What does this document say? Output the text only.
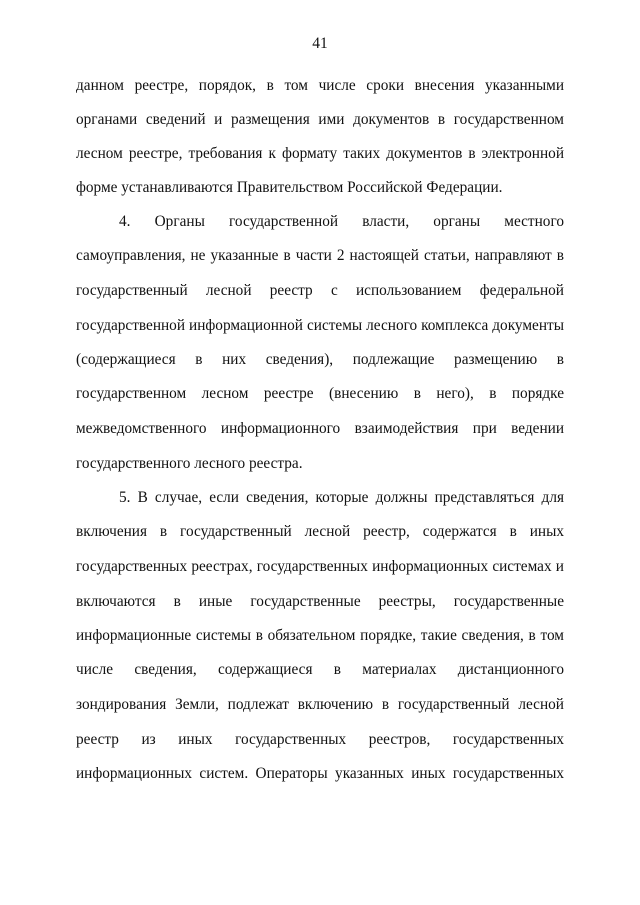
41
данном реестре, порядок, в том числе сроки внесения указанными
органами сведений и размещения ими документов в государственном
лесном реестре, требования к формату таких документов в электронной
форме устанавливаются Правительством Российской Федерации.
4. Органы государственной власти, органы местного
самоуправления, не указанные в части 2 настоящей статьи, направляют в
государственный лесной реестр с использованием федеральной
государственной информационной системы лесного комплекса документы
(содержащиеся в них сведения), подлежащие размещению в
государственном лесном реестре (внесению в него), в порядке
межведомственного информационного взаимодействия при ведении
государственного лесного реестра.
5. В случае, если сведения, которые должны представляться для
включения в государственный лесной реестр, содержатся в иных
государственных реестрах, государственных информационных системах и
включаются в иные государственные реестры, государственные
информационные системы в обязательном порядке, такие сведения, в том
числе сведения, содержащиеся в материалах дистанционного
зондирования Земли, подлежат включению в государственный лесной
реестр из иных государственных реестров, государственных
информационных систем. Операторы указанных иных государственных
